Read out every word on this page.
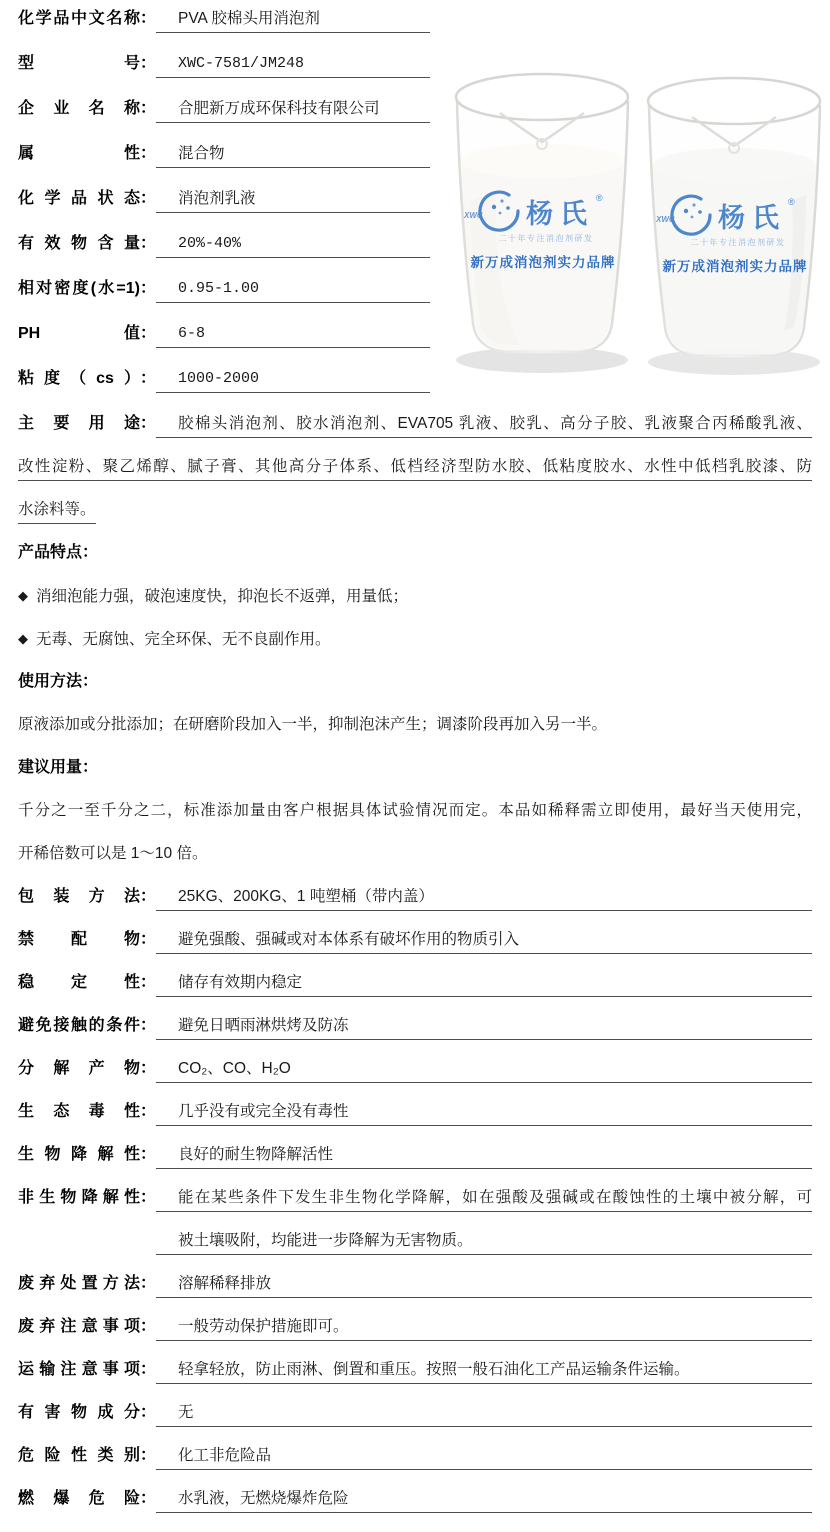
化学品中文名称 ：	PVA 胶棉头用消泡剂
型号 ：	XWC-7581/JM248
企业名称 ：	合肥新万成环保科技有限公司
属性 ：	混合物
化学品状态 ：	消泡剂乳液
有效物含量 ：	20%-40%
相对密度(水=1) ：	0.95-1.00
PH值 ：	6-8
粘度（cs） ：	1000-2000
主要用途 ：	胶棉头消泡剂、胶水消泡剂、EVA705 乳液、胶乳、高分子胶、乳液聚合丙稀酸乳液、
改性淀粉、聚乙烯醇、腻子膏、其他高分子体系、低档经济型防水胶、低粘度胶水、水性中低档乳胶漆、防
水涂料等。
产品特点：
◆ 消细泡能力强，破泡速度快，抑泡长不返弹，用量低；
◆ 无毒、无腐蚀、完全环保、无不良副作用。
使用方法：
原液添加或分批添加；在研磨阶段加入一半，抑制泡沫产生；调漆阶段再加入另一半。
建议用量：
千分之一至千分之二，标准添加量由客户根据具体试验情况而定。本品如稀释需立即使用，最好当天使用完，
开稀倍数可以是 1～10 倍。
包装方法 ：	25KG、200KG、1 吨塑桶（带内盖）
禁配物 ：	避免强酸、强碱或对本体系有破坏作用的物质引入
稳定性 ：	储存有效期内稳定
避免接触的条件 ：	避免日晒雨淋烘烤及防冻
分解产物 ：	CO₂、CO、H₂O
生态毒性 ：	几乎没有或完全没有毒性
生物降解性 ：	良好的耐生物降解活性
非生物降解性 ：	能在某些条件下发生非生物化学降解，如在强酸及强碱或在酸蚀性的土壤中被分解，可
被土壤吸附，均能进一步降解为无害物质。
废弃处置方法 ：	溶解稀释排放
废弃注意事项 ：	一般劳动保护措施即可。
运输注意事项 ：	轻拿轻放，防止雨淋、倒置和重压。按照一般石油化工产品运输条件运输。
有害物成分 ：	无
危险性类别 ：	化工非危险品
燃爆危险 ：	水乳液，无燃烧爆炸危险
